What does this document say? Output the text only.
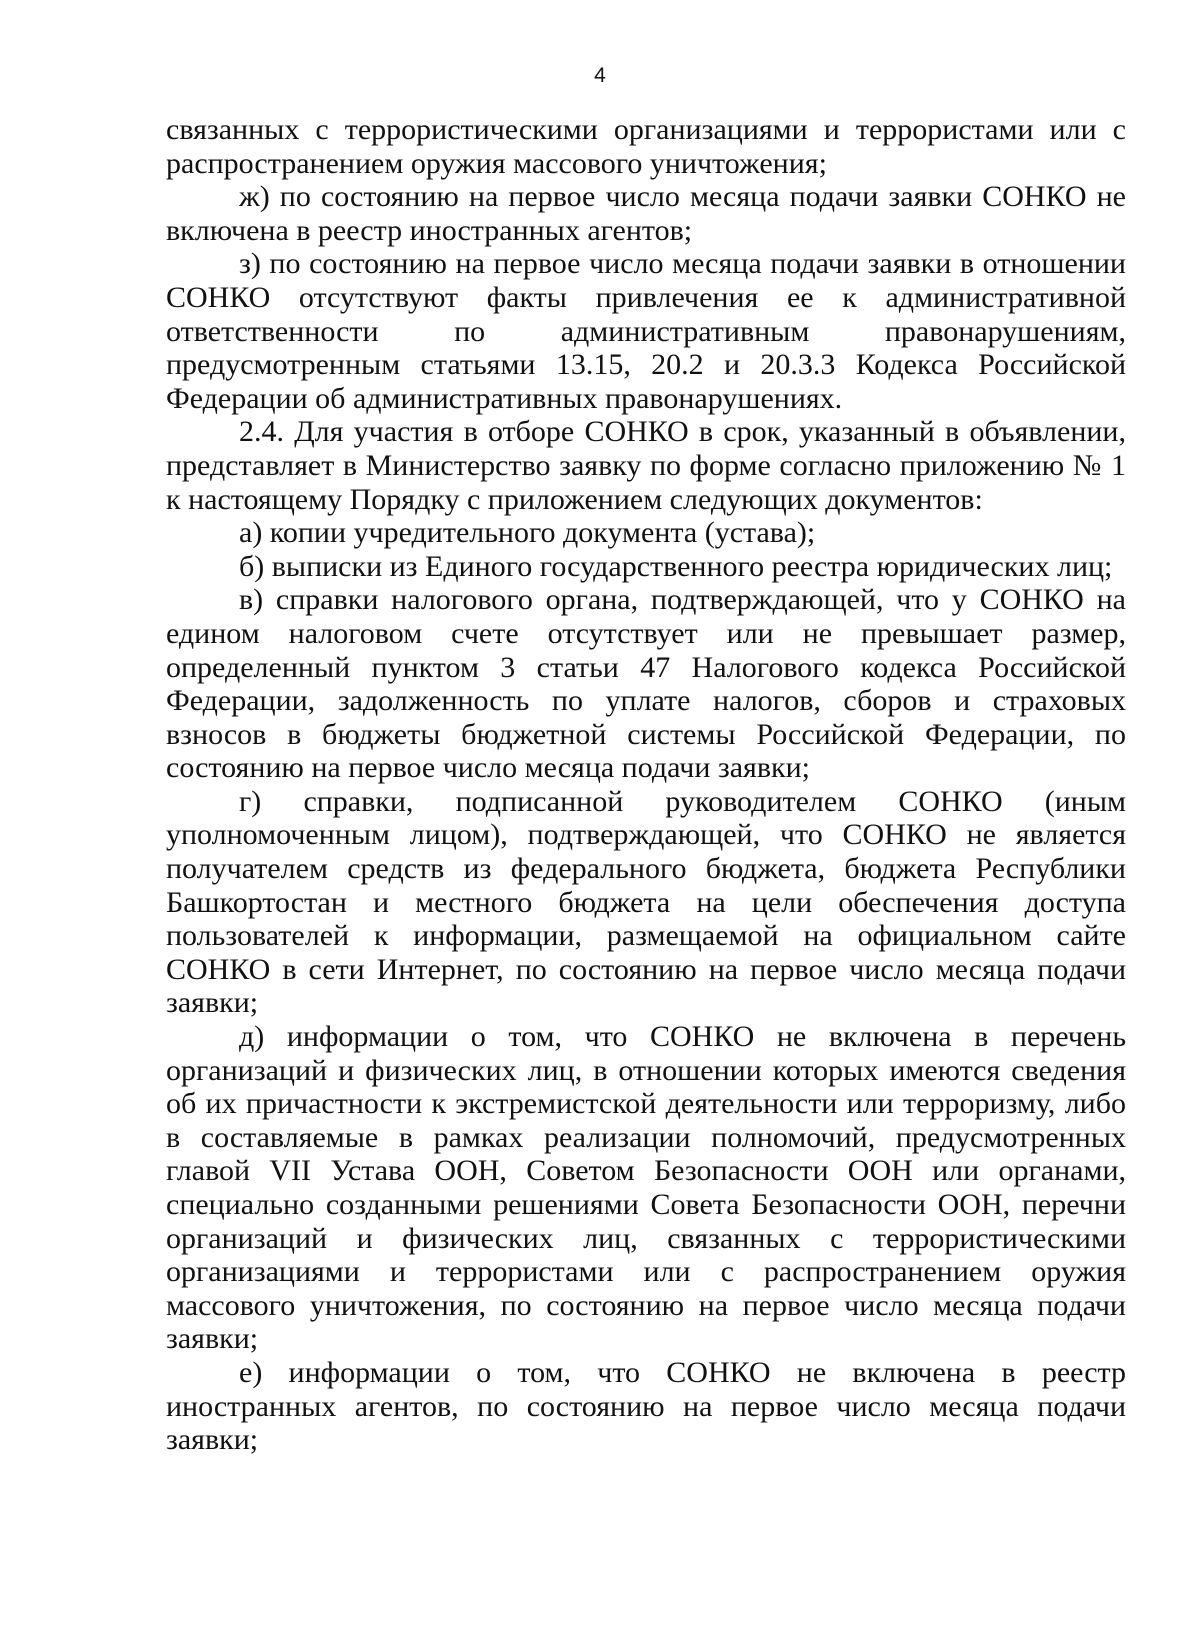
4

связанных с террористическими организациями и террористами или с распространением оружия массового уничтожения;

ж) по состоянию на первое число месяца подачи заявки СОНКО не включена в реестр иностранных агентов;

з) по состоянию на первое число месяца подачи заявки в отношении СОНКО отсутствуют факты привлечения ее к административной ответственности по административным правонарушениям, предусмотренным статьями 13.15, 20.2 и 20.3.3 Кодекса Российской Федерации об административных правонарушениях.

2.4. Для участия в отборе СОНКО в срок, указанный в объявлении, представляет в Министерство заявку по форме согласно приложению № 1 к настоящему Порядку с приложением следующих документов:

а) копии учредительного документа (устава);

б) выписки из Единого государственного реестра юридических лиц;

в) справки налогового органа, подтверждающей, что у СОНКО на едином налоговом счете отсутствует или не превышает размер, определенный пунктом 3 статьи 47 Налогового кодекса Российской Федерации, задолженность по уплате налогов, сборов и страховых взносов в бюджеты бюджетной системы Российской Федерации, по состоянию на первое число месяца подачи заявки;

г) справки, подписанной руководителем СОНКО (иным уполномоченным лицом), подтверждающей, что СОНКО не является получателем средств из федерального бюджета, бюджета Республики Башкортостан и местного бюджета на цели обеспечения доступа пользователей к информации, размещаемой на официальном сайте СОНКО в сети Интернет, по состоянию на первое число месяца подачи заявки;

д) информации о том, что СОНКО не включена в перечень организаций и физических лиц, в отношении которых имеются сведения об их причастности к экстремистской деятельности или терроризму, либо в составляемые в рамках реализации полномочий, предусмотренных главой VII Устава ООН, Советом Безопасности ООН или органами, специально созданными решениями Совета Безопасности ООН, перечни организаций и физических лиц, связанных с террористическими организациями и террористами или с распространением оружия массового уничтожения, по состоянию на первое число месяца подачи заявки;

е) информации о том, что СОНКО не включена в реестр иностранных агентов, по состоянию на первое число месяца подачи заявки;
